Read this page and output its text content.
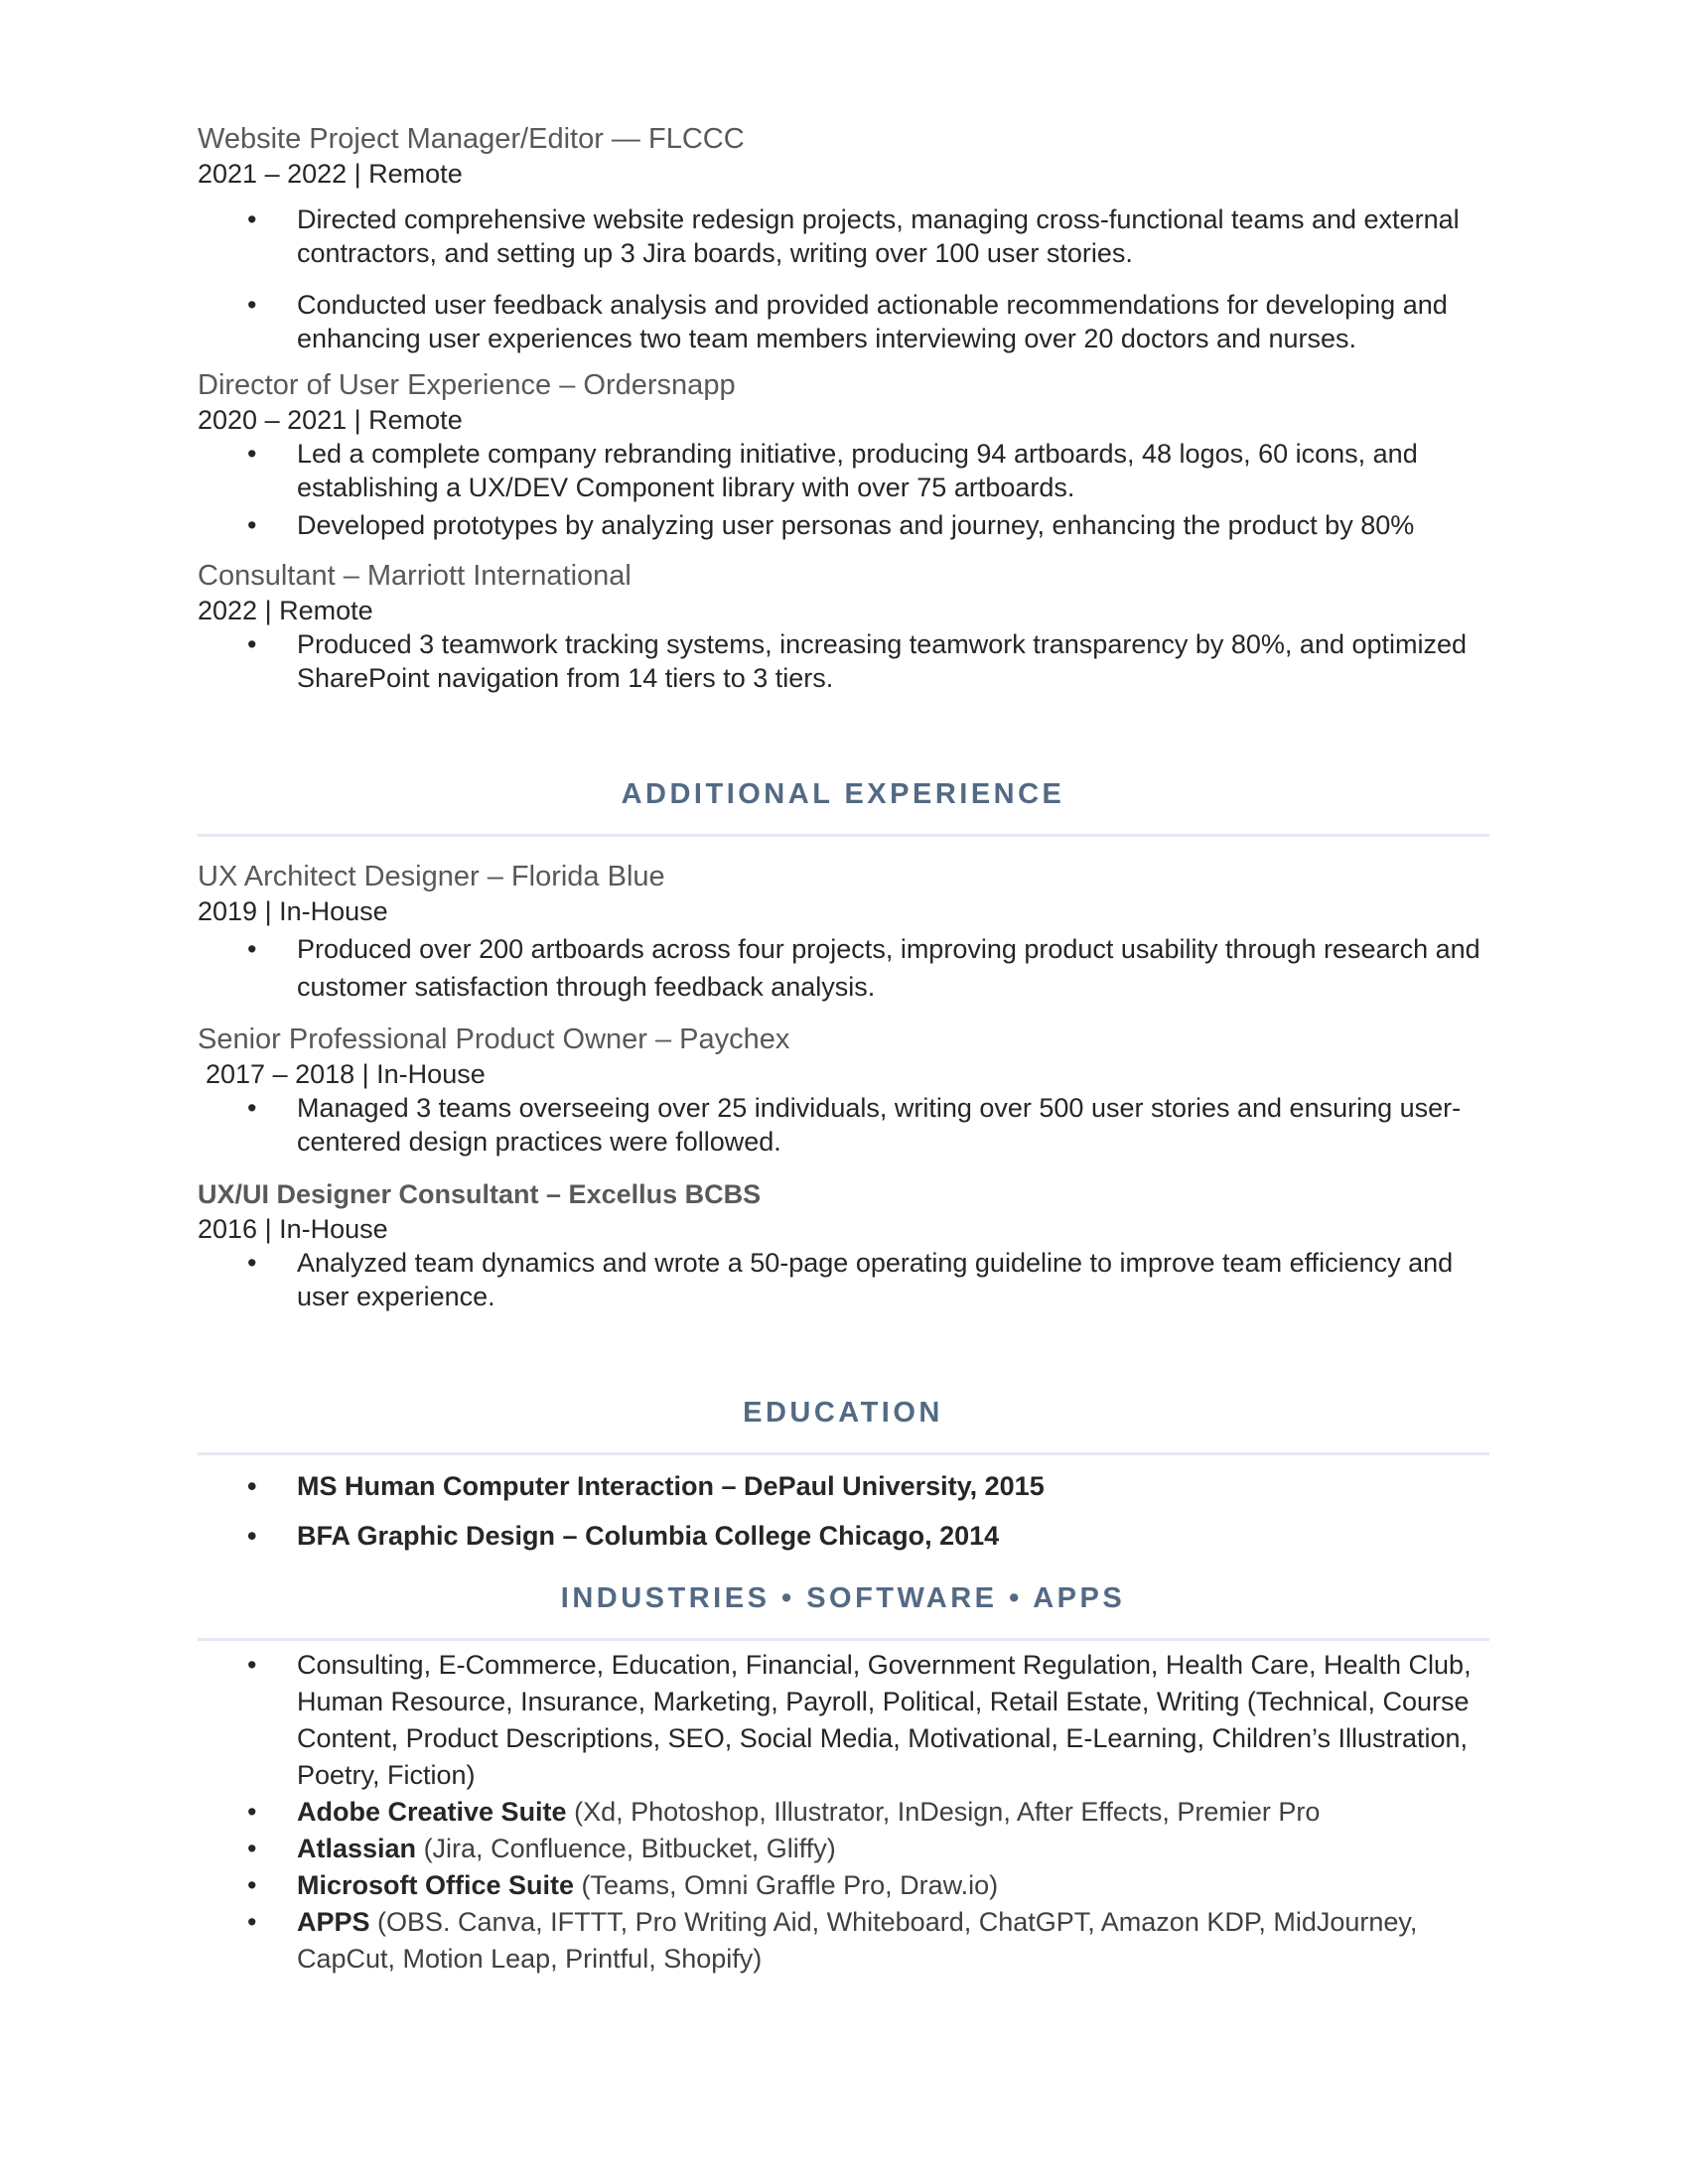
Website Project Manager/Editor — FLCCC
2021 – 2022 | Remote
• Directed comprehensive website redesign projects, managing cross-functional teams and external contractors, and setting up 3 Jira boards, writing over 100 user stories.
• Conducted user feedback analysis and provided actionable recommendations for developing and enhancing user experiences two team members interviewing over 20 doctors and nurses.
Director of User Experience – Ordersnapp
2020 – 2021 | Remote
• Led a complete company rebranding initiative, producing 94 artboards, 48 logos, 60 icons, and establishing a UX/DEV Component library with over 75 artboards.
• Developed prototypes by analyzing user personas and journey, enhancing the product by 80%
Consultant – Marriott International
2022 | Remote
• Produced 3 teamwork tracking systems, increasing teamwork transparency by 80%, and optimized SharePoint navigation from 14 tiers to 3 tiers.
ADDITIONAL EXPERIENCE
UX Architect Designer – Florida Blue
2019 | In-House
• Produced over 200 artboards across four projects, improving product usability through research and customer satisfaction through feedback analysis.
Senior Professional Product Owner – Paychex
2017 – 2018 | In-House
• Managed 3 teams overseeing over 25 individuals, writing over 500 user stories and ensuring user-centered design practices were followed.
UX/UI Designer Consultant – Excellus BCBS
2016 | In-House
• Analyzed team dynamics and wrote a 50-page operating guideline to improve team efficiency and user experience.
EDUCATION
• MS Human Computer Interaction – DePaul University, 2015
• BFA Graphic Design – Columbia College Chicago, 2014
INDUSTRIES • SOFTWARE • APPS
• Consulting, E-Commerce, Education, Financial, Government Regulation, Health Care, Health Club, Human Resource, Insurance, Marketing, Payroll, Political, Retail Estate, Writing (Technical, Course Content, Product Descriptions, SEO, Social Media, Motivational, E-Learning, Children’s Illustration, Poetry, Fiction)
• Adobe Creative Suite (Xd, Photoshop, Illustrator, InDesign, After Effects, Premier Pro
• Atlassian (Jira, Confluence, Bitbucket, Gliffy)
• Microsoft Office Suite (Teams, Omni Graffle Pro, Draw.io)
• APPS (OBS. Canva, IFTTT, Pro Writing Aid, Whiteboard, ChatGPT, Amazon KDP, MidJourney, CapCut, Motion Leap, Printful, Shopify)
